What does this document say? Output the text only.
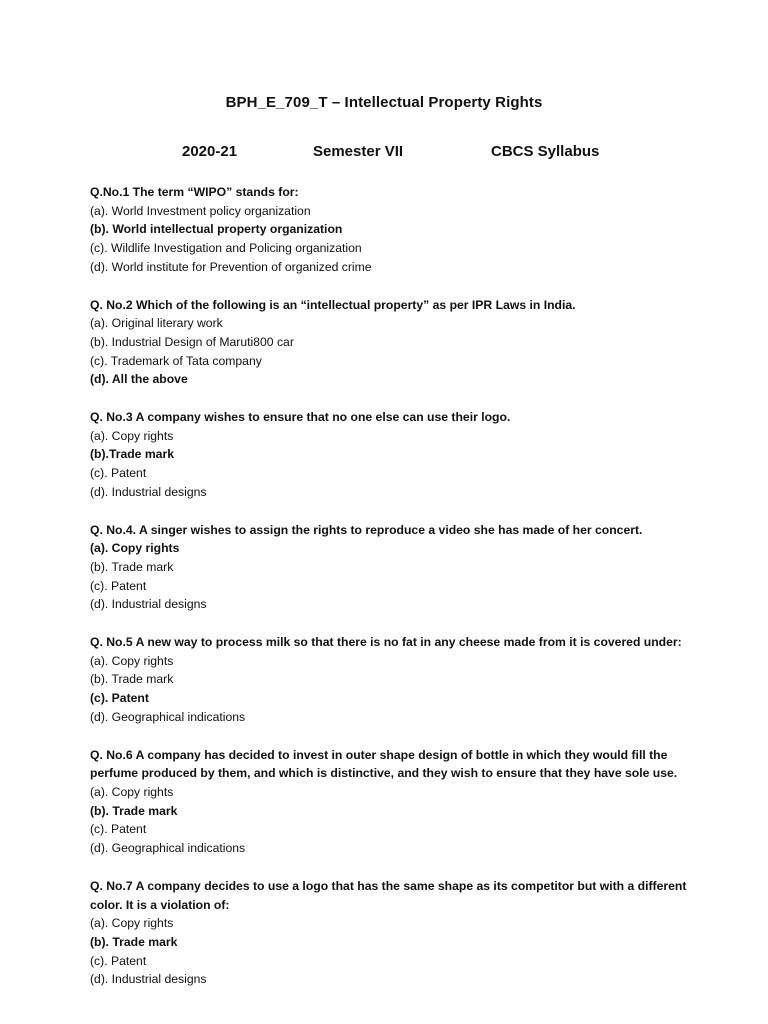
BPH_E_709_T – Intellectual Property Rights
2020-21	Semester VII	CBCS Syllabus
Q.No.1 The term “WIPO” stands for:
(a). World Investment policy organization
(b). World intellectual property organization
(c). Wildlife Investigation and Policing organization
(d). World institute for Prevention of organized crime
Q. No.2 Which of the following is an “intellectual property” as per IPR Laws in India.
(a). Original literary work
(b). Industrial Design of Maruti800 car
(c). Trademark of Tata company
(d). All the above
Q. No.3 A company wishes to ensure that no one else can use their logo.
(a). Copy rights
(b).Trade mark
(c). Patent
(d). Industrial designs
Q. No.4. A singer wishes to assign the rights to reproduce a video she has made of her concert.
(a). Copy rights
(b). Trade mark
(c). Patent
(d). Industrial designs
Q. No.5 A new way to process milk so that there is no fat in any cheese made from it is covered under:
(a). Copy rights
(b). Trade mark
(c). Patent
(d). Geographical indications
Q. No.6 A company has decided to invest in outer shape design of bottle in which they would fill the perfume produced by them, and which is distinctive, and they wish to ensure that they have sole use.
(a). Copy rights
(b). Trade mark
(c). Patent
(d). Geographical indications
Q. No.7 A company decides to use a logo that has the same shape as its competitor but with a different color. It is a violation of:
(a). Copy rights
(b). Trade mark
(c). Patent
(d). Industrial designs
